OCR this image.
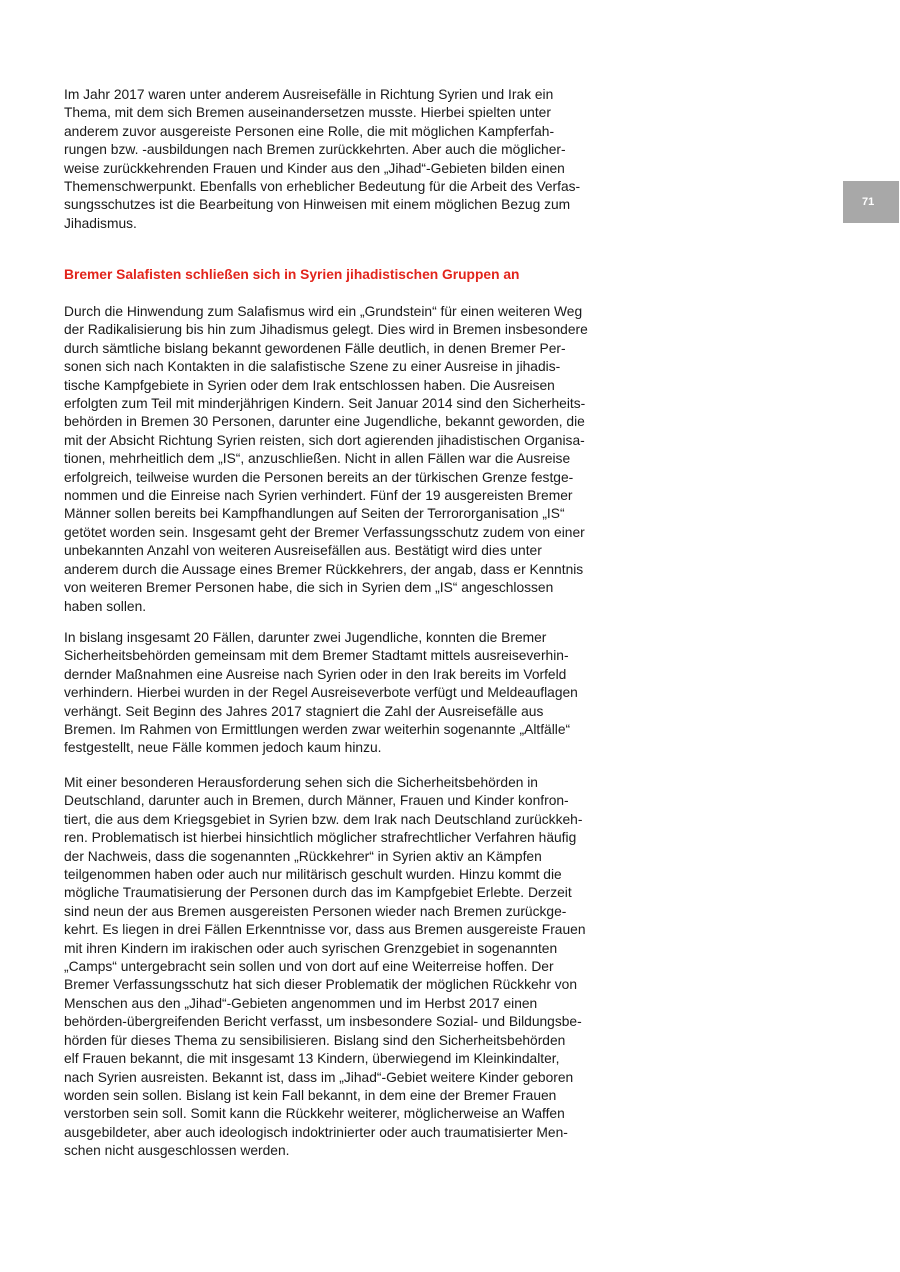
71

Im Jahr 2017 waren unter anderem Ausreisefälle in Richtung Syrien und Irak ein
Thema, mit dem sich Bremen auseinandersetzen musste. Hierbei spielten unter
anderem zuvor ausgereiste Personen eine Rolle, die mit möglichen Kampferfah-
rungen bzw. -ausbildungen nach Bremen zurückkehrten. Aber auch die möglicher-
weise zurückkehrenden Frauen und Kinder aus den „Jihad“-Gebieten bilden einen
Themenschwerpunkt. Ebenfalls von erheblicher Bedeutung für die Arbeit des Verfas-
sungsschutzes ist die Bearbeitung von Hinweisen mit einem möglichen Bezug zum
Jihadismus.

Bremer Salafisten schließen sich in Syrien jihadistischen Gruppen an

Durch die Hinwendung zum Salafismus wird ein „Grundstein“ für einen weiteren Weg
der Radikalisierung bis hin zum Jihadismus gelegt. Dies wird in Bremen insbesondere
durch sämtliche bislang bekannt gewordenen Fälle deutlich, in denen Bremer Per-
sonen sich nach Kontakten in die salafistische Szene zu einer Ausreise in jihadis-
tische Kampfgebiete in Syrien oder dem Irak entschlossen haben. Die Ausreisen
erfolgten zum Teil mit minderjährigen Kindern. Seit Januar 2014 sind den Sicherheits-
behörden in Bremen 30 Personen, darunter eine Jugendliche, bekannt geworden, die
mit der Absicht Richtung Syrien reisten, sich dort agierenden jihadistischen Organisa-
tionen, mehrheitlich dem „IS“, anzuschließen. Nicht in allen Fällen war die Ausreise
erfolgreich, teilweise wurden die Personen bereits an der türkischen Grenze festge-
nommen und die Einreise nach Syrien verhindert. Fünf der 19 ausgereisten Bremer
Männer sollen bereits bei Kampfhandlungen auf Seiten der Terrororganisation „IS“
getötet worden sein. Insgesamt geht der Bremer Verfassungsschutz zudem von einer
unbekannten Anzahl von weiteren Ausreisefällen aus. Bestätigt wird dies unter
anderem durch die Aussage eines Bremer Rückkehrers, der angab, dass er Kenntnis
von weiteren Bremer Personen habe, die sich in Syrien dem „IS“ angeschlossen
haben sollen.

In bislang insgesamt 20 Fällen, darunter zwei Jugendliche, konnten die Bremer
Sicherheitsbehörden gemeinsam mit dem Bremer Stadtamt mittels ausreiseverhin-
dernder Maßnahmen eine Ausreise nach Syrien oder in den Irak bereits im Vorfeld
verhindern. Hierbei wurden in der Regel Ausreiseverbote verfügt und Meldeauflagen
verhängt. Seit Beginn des Jahres 2017 stagniert die Zahl der Ausreisefälle aus
Bremen. Im Rahmen von Ermittlungen werden zwar weiterhin sogenannte „Altfälle“
festgestellt, neue Fälle kommen jedoch kaum hinzu.

Mit einer besonderen Herausforderung sehen sich die Sicherheitsbehörden in
Deutschland, darunter auch in Bremen, durch Männer, Frauen und Kinder konfron-
tiert, die aus dem Kriegsgebiet in Syrien bzw. dem Irak nach Deutschland zurückkeh-
ren. Problematisch ist hierbei hinsichtlich möglicher strafrechtlicher Verfahren häufig
der Nachweis, dass die sogenannten „Rückkehrer“ in Syrien aktiv an Kämpfen
teilgenommen haben oder auch nur militärisch geschult wurden. Hinzu kommt die
mögliche Traumatisierung der Personen durch das im Kampfgebiet Erlebte. Derzeit
sind neun der aus Bremen ausgereisten Personen wieder nach Bremen zurückge-
kehrt. Es liegen in drei Fällen Erkenntnisse vor, dass aus Bremen ausgereiste Frauen
mit ihren Kindern im irakischen oder auch syrischen Grenzgebiet in sogenannten
„Camps“ untergebracht sein sollen und von dort auf eine Weiterreise hoffen. Der
Bremer Verfassungsschutz hat sich dieser Problematik der möglichen Rückkehr von
Menschen aus den „Jihad“-Gebieten angenommen und im Herbst 2017 einen
behörden-übergreifenden Bericht verfasst, um insbesondere Sozial- und Bildungsbe-
hörden für dieses Thema zu sensibilisieren. Bislang sind den Sicherheitsbehörden
elf Frauen bekannt, die mit insgesamt 13 Kindern, überwiegend im Kleinkindalter,
nach Syrien ausreisten. Bekannt ist, dass im „Jihad“-Gebiet weitere Kinder geboren
worden sein sollen. Bislang ist kein Fall bekannt, in dem eine der Bremer Frauen
verstorben sein soll. Somit kann die Rückkehr weiterer, möglicherweise an Waffen
ausgebildeter, aber auch ideologisch indoktrinierter oder auch traumatisierter Men-
schen nicht ausgeschlossen werden.
